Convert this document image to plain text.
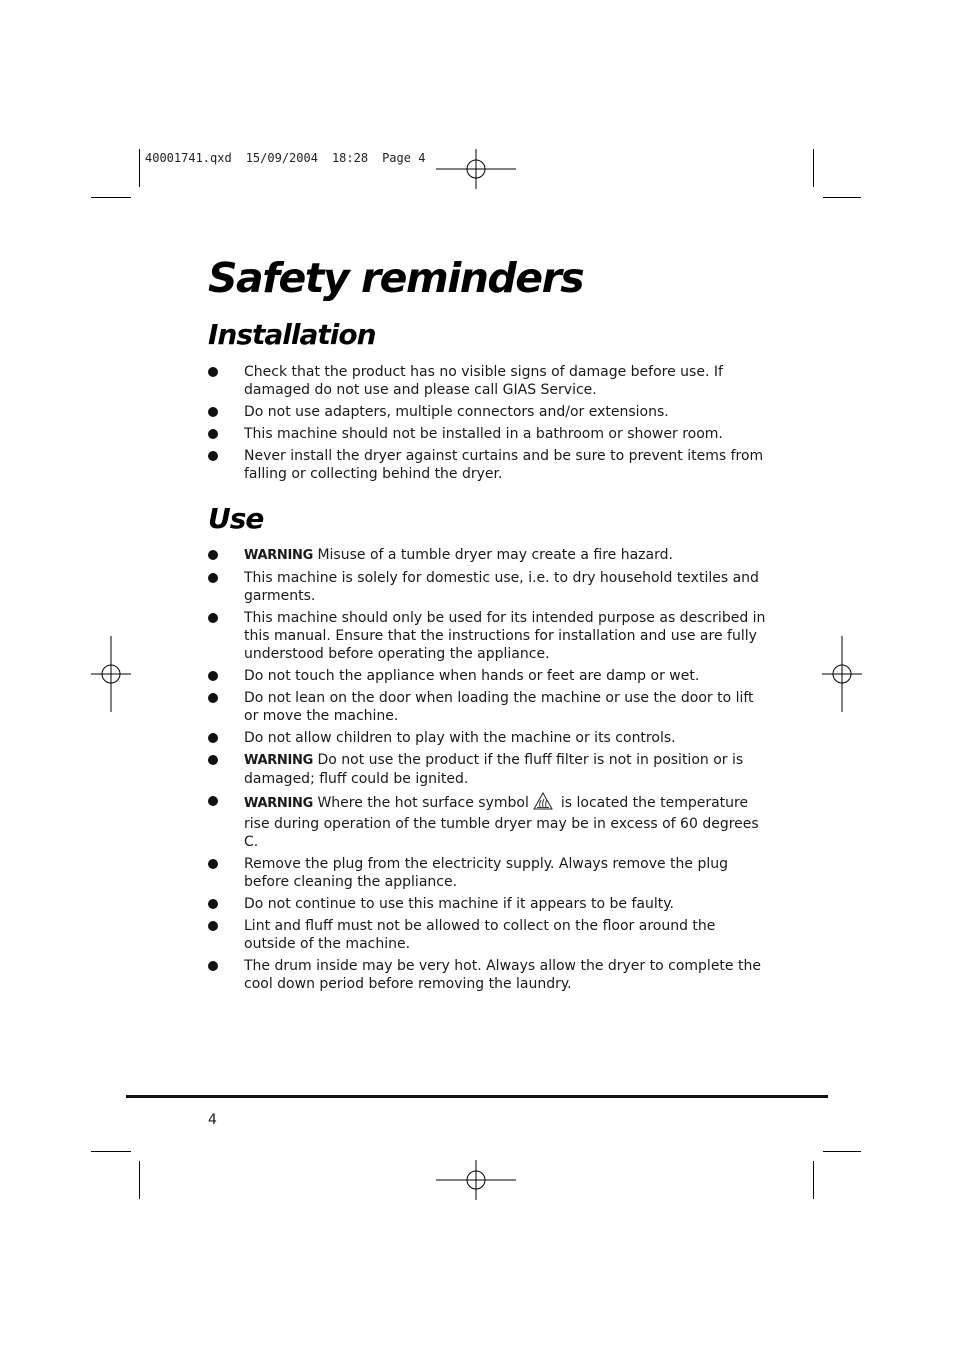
40001741.qxd 15/09/2004 18:28 Page 4
Safety reminders
Installation
Check that the product has no visible signs of damage before use. If damaged do not use and please call GIAS Service.
Do not use adapters, multiple connectors and/or extensions.
This machine should not be installed in a bathroom or shower room.
Never install the dryer against curtains and be sure to prevent items from falling or collecting behind the dryer.
Use
WARNING Misuse of a tumble dryer may create a fire hazard.
This machine is solely for domestic use, i.e. to dry household textiles and garments.
This machine should only be used for its intended purpose as described in this manual. Ensure that the instructions for installation and use are fully understood before operating the appliance.
Do not touch the appliance when hands or feet are damp or wet.
Do not lean on the door when loading the machine or use the door to lift or move the machine.
Do not allow children to play with the machine or its controls.
WARNING Do not use the product if the fluff filter is not in position or is damaged; fluff could be ignited.
WARNING Where the hot surface symbol is located the temperature rise during operation of the tumble dryer may be in excess of 60 degrees C.
Remove the plug from the electricity supply. Always remove the plug before cleaning the appliance.
Do not continue to use this machine if it appears to be faulty.
Lint and fluff must not be allowed to collect on the floor around the outside of the machine.
The drum inside may be very hot. Always allow the dryer to complete the cool down period before removing the laundry.
4
